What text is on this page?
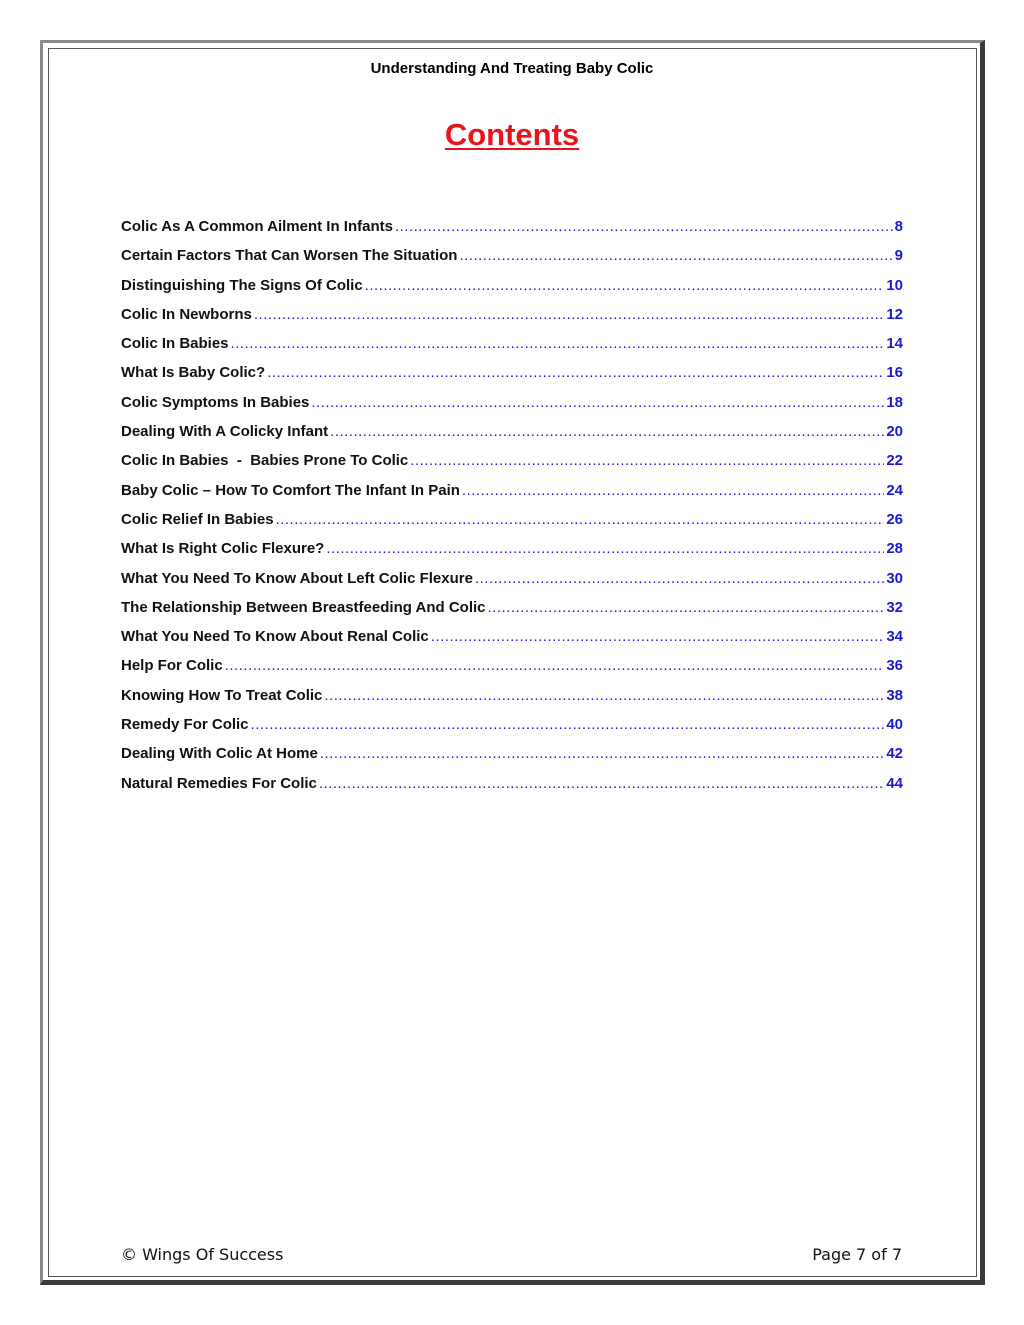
Understanding And Treating Baby Colic
Contents
Colic As A Common Ailment In Infants .....	8
Certain Factors That Can Worsen The Situation .....	9
Distinguishing The Signs Of Colic .....	10
Colic In Newborns .....	12
Colic In Babies .....	14
What Is Baby Colic? .....	16
Colic Symptoms In Babies .....	18
Dealing With A Colicky Infant .....	20
Colic In Babies  -  Babies Prone To Colic .....	22
Baby Colic – How To Comfort The Infant In Pain .....	24
Colic Relief In Babies .....	26
What Is Right Colic Flexure? .....	28
What You Need To Know About Left Colic Flexure .....	30
The Relationship Between Breastfeeding And Colic .....	32
What You Need To Know About Renal Colic .....	34
Help For Colic .....	36
Knowing How To Treat Colic .....	38
Remedy For Colic .....	40
Dealing With Colic At Home .....	42
Natural Remedies For Colic .....	44
© Wings Of Success	Page 7 of 7
